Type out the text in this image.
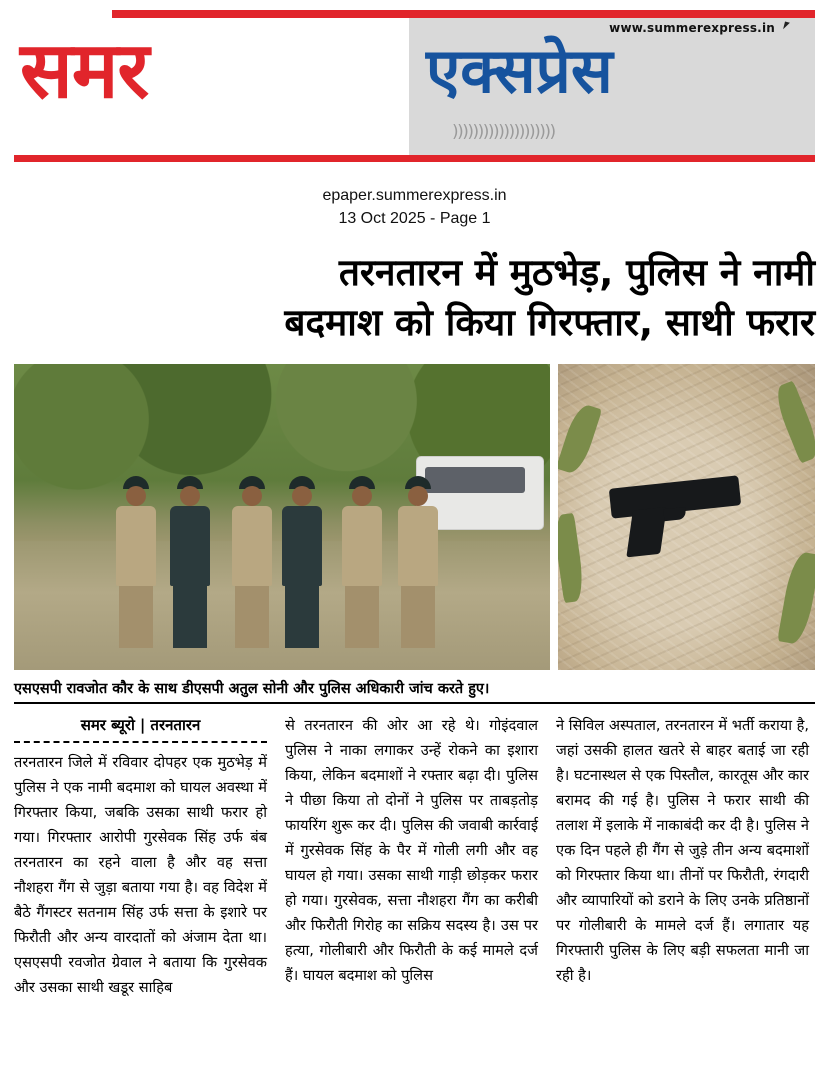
www.summerexpress.in
समर	एक्सप्रेस
))))))))))))))))))))
epaper.summerexpress.in
13 Oct 2025 - Page 1
तरनतारन में मुठभेड़, पुलिस ने नामी
बदमाश को किया गिरफ्तार, साथी फरार
एसएसपी रावजोत कौर के साथ डीएसपी अतुल सोनी और पुलिस अधिकारी जांच करते हुए।
समर ब्यूरो | तरनतारन
तरनतारन जिले में रविवार दोपहर एक मुठभेड़ में पुलिस ने एक नामी बदमाश को घायल अवस्था में गिरफ्तार किया, जबकि उसका साथी फरार हो गया। गिरफ्तार आरोपी गुरसेवक सिंह उर्फ बंब तरनतारन का रहने वाला है और वह सत्ता नौशहरा गैंग से जुड़ा बताया गया है। वह विदेश में बैठे गैंगस्टर सतनाम सिंह उर्फ सत्ता के इशारे पर फिरौती और अन्य वारदातों को अंजाम देता था। एसएसपी रवजोत ग्रेवाल ने बताया कि गुरसेवक और उसका साथी खडूर साहिब
से तरनतारन की ओर आ रहे थे। गोइंदवाल पुलिस ने नाका लगाकर उन्हें रोकने का इशारा किया, लेकिन बदमाशों ने रफ्तार बढ़ा दी। पुलिस ने पीछा किया तो दोनों ने पुलिस पर ताबड़तोड़ फायरिंग शुरू कर दी। पुलिस की जवाबी कार्रवाई में गुरसेवक सिंह के पैर में गोली लगी और वह घायल हो गया। उसका साथी गाड़ी छोड़कर फरार हो गया। गुरसेवक, सत्ता नौशहरा गैंग का करीबी और फिरौती गिरोह का सक्रिय सदस्य है। उस पर हत्या, गोलीबारी और फिरौती के कई मामले दर्ज हैं। घायल बदमाश को पुलिस
ने सिविल अस्पताल, तरनतारन में भर्ती कराया है, जहां उसकी हालत खतरे से बाहर बताई जा रही है। घटनास्थल से एक पिस्तौल, कारतूस और कार बरामद की गई है। पुलिस ने फरार साथी की तलाश में इलाके में नाकाबंदी कर दी है। पुलिस ने एक दिन पहले ही गैंग से जुड़े तीन अन्य बदमाशों को गिरफ्तार किया था। तीनों पर फिरौती, रंगदारी और व्यापारियों को डराने के लिए उनके प्रतिष्ठानों पर गोलीबारी के मामले दर्ज हैं। लगातार यह गिरफ्तारी पुलिस के लिए बड़ी सफलता मानी जा रही है।
